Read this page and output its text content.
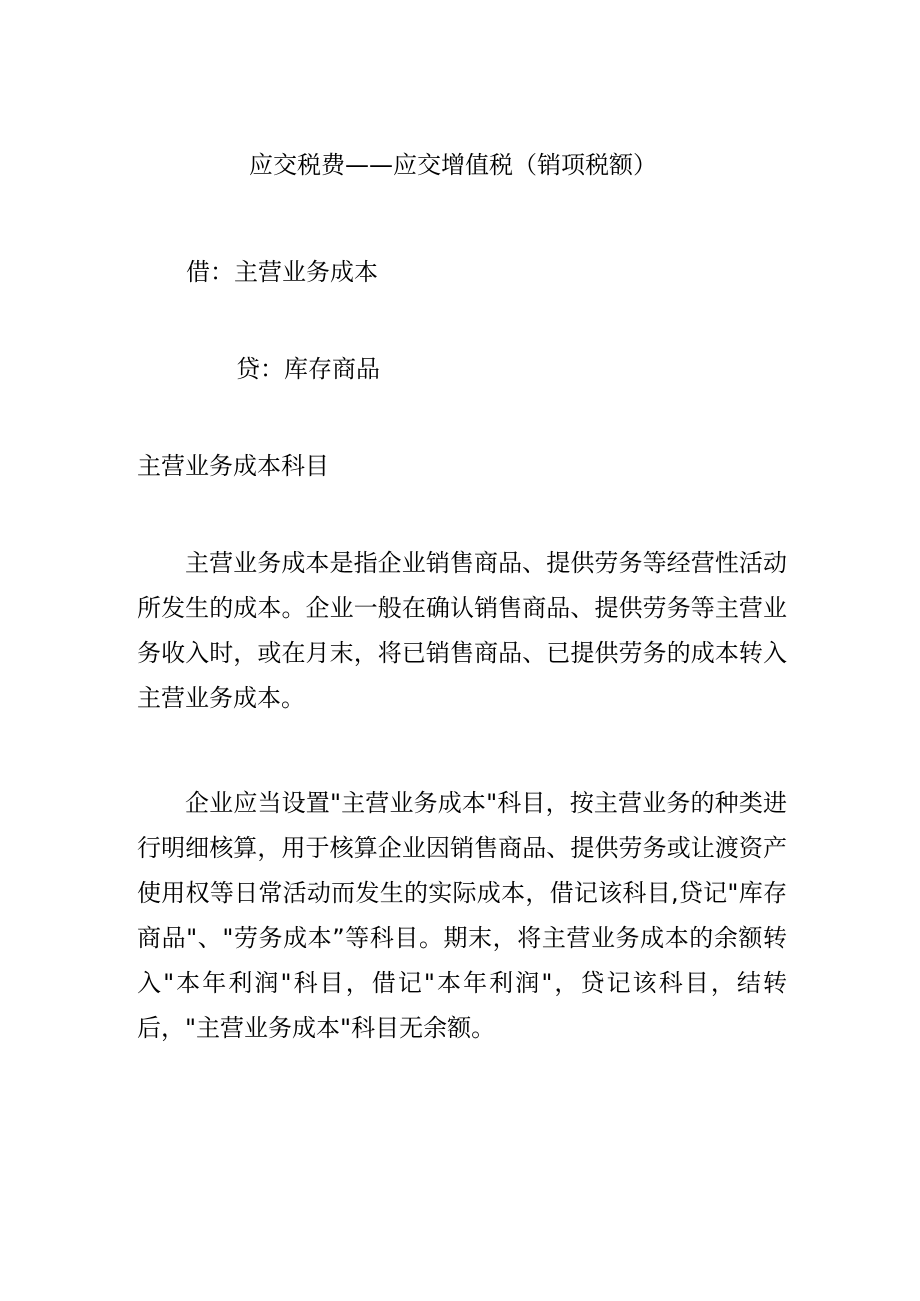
应交税费——应交增值税（销项税额）
借：主营业务成本
贷：库存商品
主营业务成本科目

主营业务成本是指企业销售商品、提供劳务等经营性活动所发生的成本。企业一般在确认销售商品、提供劳务等主营业务收入时，或在月末，将已销售商品、已提供劳务的成本转入主营业务成本。

企业应当设置"主营业务成本"科目，按主营业务的种类进行明细核算，用于核算企业因销售商品、提供劳务或让渡资产使用权等日常活动而发生的实际成本，借记该科目,贷记"库存商品"、"劳务成本”等科目。期末，将主营业务成本的余额转入"本年利润"科目，借记"本年利润"，贷记该科目，结转后，"主营业务成本"科目无余额。
